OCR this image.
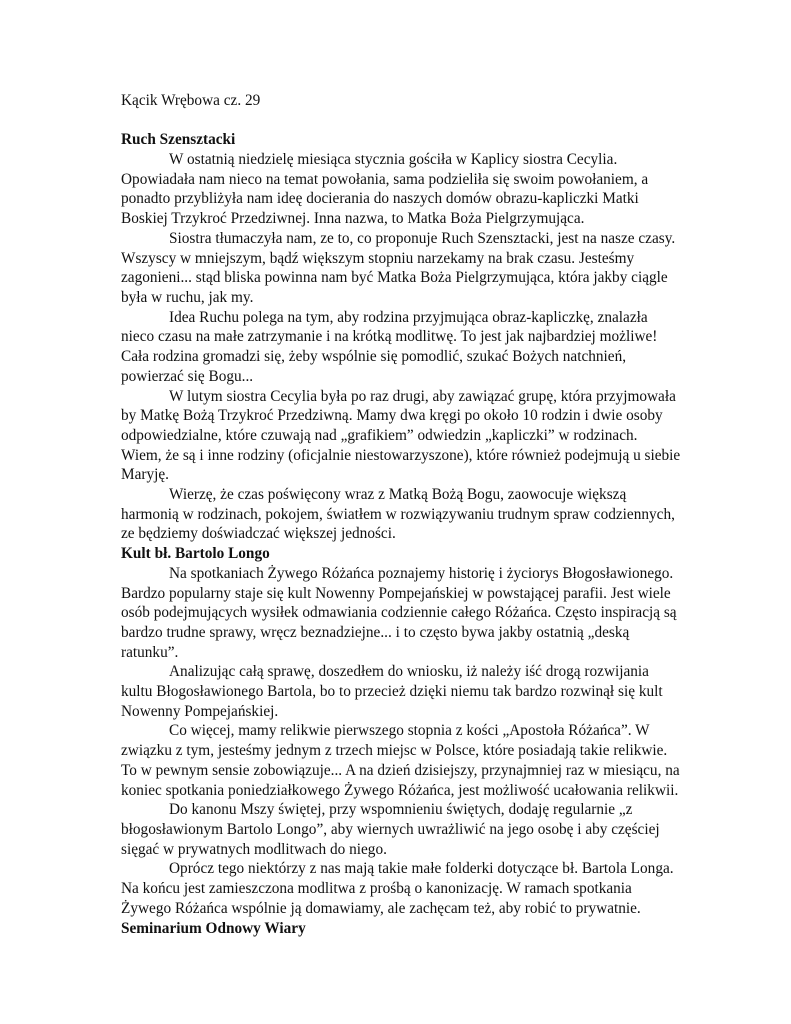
Kącik Wrębowa cz. 29

Ruch Szensztacki

W ostatnią niedzielę miesiąca stycznia gościła w Kaplicy siostra Cecylia. Opowiadała nam nieco na temat powołania, sama podzieliła się swoim powołaniem, a ponadto przybliżyła nam ideę docierania do naszych domów obrazu-kapliczki Matki Boskiej Trzykroć Przedziwnej. Inna nazwa, to Matka Boża Pielgrzymująca.

Siostra tłumaczyła nam, ze to, co proponuje Ruch Szensztacki, jest na nasze czasy. Wszyscy w mniejszym, bądź większym stopniu narzekamy na brak czasu. Jesteśmy zagonieni... stąd bliska powinna nam być Matka Boża Pielgrzymująca, która jakby ciągle była w ruchu, jak my.

Idea Ruchu polega na tym, aby rodzina przyjmująca obraz-kapliczkę, znalazła nieco czasu na małe zatrzymanie i na krótką modlitwę. To jest jak najbardziej możliwe! Cała rodzina gromadzi się, żeby wspólnie się pomodlić, szukać Bożych natchnień, powierzać się Bogu...

W lutym siostra Cecylia była po raz drugi, aby zawiązać grupę, która przyjmowała by Matkę Bożą Trzykroć Przedziwną. Mamy dwa kręgi po około 10 rodzin i dwie osoby odpowiedzialne, które czuwają nad „grafikiem” odwiedzin „kapliczki” w rodzinach. Wiem, że są i inne rodziny (oficjalnie niestowarzyszone), które również podejmują u siebie Maryję.

Wierzę, że czas poświęcony wraz z Matką Bożą Bogu, zaowocuje większą harmonią w rodzinach, pokojem, światłem w rozwiązywaniu trudnym spraw codziennych, ze będziemy doświadczać większej jedności.

Kult bł. Bartolo Longo

Na spotkaniach Żywego Różańca poznajemy historię i życiorys Błogosławionego. Bardzo popularny staje się kult Nowenny Pompejańskiej w powstającej parafii. Jest wiele osób podejmujących wysiłek odmawiania codziennie całego Różańca. Często inspiracją są bardzo trudne sprawy, wręcz beznadziejne... i to często bywa jakby ostatnią „deską ratunku”.

Analizując całą sprawę, doszedłem do wniosku, iż należy iść drogą rozwijania kultu Błogosławionego Bartola, bo to przecież dzięki niemu tak bardzo rozwinął się kult Nowenny Pompejańskiej.

Co więcej, mamy relikwie pierwszego stopnia z kości „Apostoła Różańca”. W związku z tym, jesteśmy jednym z trzech miejsc w Polsce, które posiadają takie relikwie. To w pewnym sensie zobowiązuje... A na dzień dzisiejszy, przynajmniej raz w miesiącu, na koniec spotkania poniedziałkowego Żywego Różańca, jest możliwość ucałowania relikwii.

Do kanonu Mszy świętej, przy wspomnieniu świętych, dodaję regularnie „z błogosławionym Bartolo Longo”, aby wiernych uwrażliwić na jego osobę i aby częściej sięgać w prywatnych modlitwach do niego.

Oprócz tego niektórzy z nas mają takie małe folderki dotyczące bł. Bartola Longa. Na końcu jest zamieszczona modlitwa z prośbą o kanonizację. W ramach spotkania Żywego Różańca wspólnie ją domawiamy, ale zachęcam też, aby robić to prywatnie.

Seminarium Odnowy Wiary
